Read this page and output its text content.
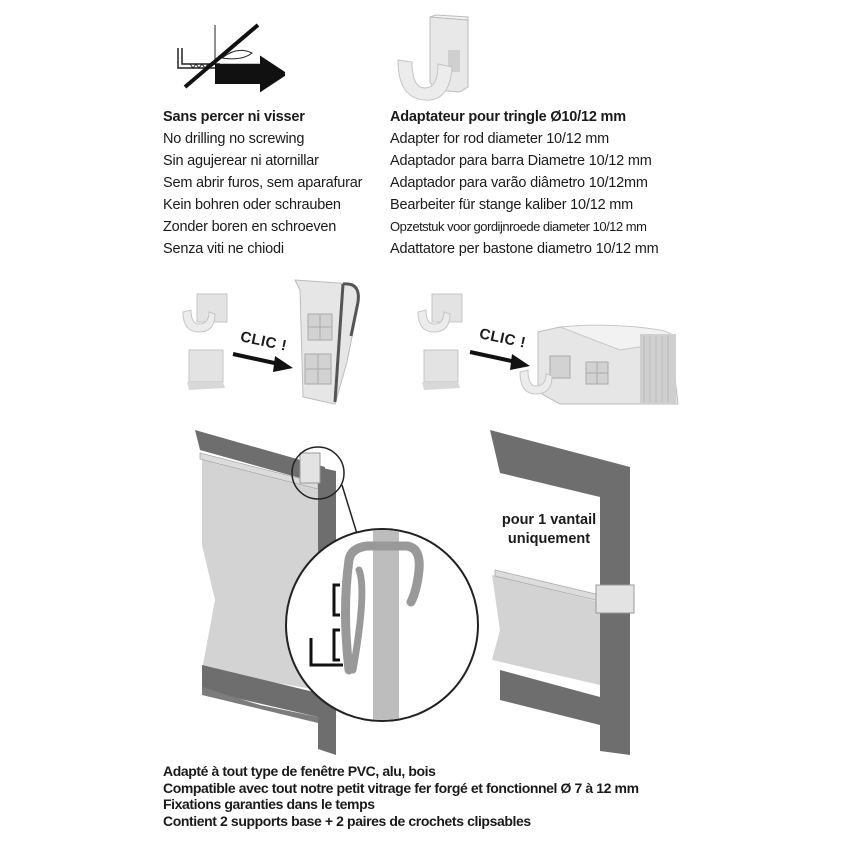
Sans percer ni visser
No drilling no screwing
Sin agujerear ni atornillar
Sem abrir furos, sem aparafurar
Kein bohren oder schrauben
Zonder boren en schroeven
Senza viti ne chiodi
Adaptateur pour tringle Ø10/12 mm
Adapter for rod diameter 10/12 mm
Adaptador para barra Diametre 10/12 mm
Adaptador para varão diâmetro 10/12mm
Bearbeiter für stange kaliber 10/12 mm
Opzetstuk voor gordijnroede diameter 10/12 mm
Adattatore per bastone diametro 10/12 mm
CLIC !	CLIC !
pour 1 vantail
uniquement
Adapté à tout type de fenêtre PVC, alu, bois
Compatible avec tout notre petit vitrage fer forgé et fonctionnel Ø 7 à 12 mm
Fixations garanties dans le temps
Contient 2 supports base + 2 paires de crochets clipsables
